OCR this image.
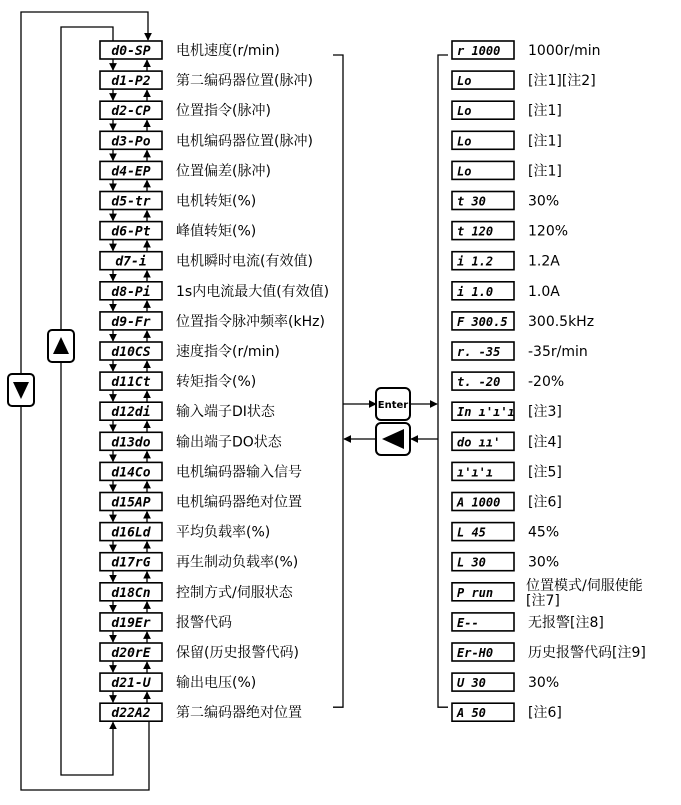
d0-SP 电机速度(r/min)	r 1000 1000r/min
d1-P2 第二编码器位置(脉冲)	Lo	[注1][注2]
d2-CP 位置指令(脉冲)	Lo	[注1]
d3-Po 电机编码器位置(脉冲)	Lo	[注1]
d4-EP 位置偏差(脉冲)	Lo	[注1]
d5-tr 电机转矩(%)	t 30	30%
d6-Pt 峰值转矩(%)	t 120 120%
d7-i 电机瞬时电流(有效值)	i 1.2 1.2A
d8-Pi 1s内电流最大值(有效值)	i 1.0 1.0A
d9-Fr 位置指令脉冲频率(kHz)	F 300.5 300.5kHz
d10CS 速度指令(r/min)	r. -35 -35r/min
d11Ct 转矩指令(%)	t. -20 -20%
d12di 输入端子DI状态	In ı'ı'ı [注3]
d13do 输出端子DO状态	do ıı' [注4]
d14Co 电机编码器输入信号	ı'ı'ı [注5]
d15AP 电机编码器绝对位置	A 1000 [注6]
d16Ld 平均负载率(%)	L 45	45%
d17rG 再生制动负载率(%)	L 30	30%
d18Cn 控制方式/伺服状态	P run 位置模式/伺服使能
[注7]
d19Er 报警代码	E--	无报警[注8]
d20rE 保留(历史报警代码)	Er-H0 历史报警代码[注9]
d21-U 输出电压(%)	U 30	30%
d22A2 第二编码器绝对位置	A 50	[注6]
Enter
